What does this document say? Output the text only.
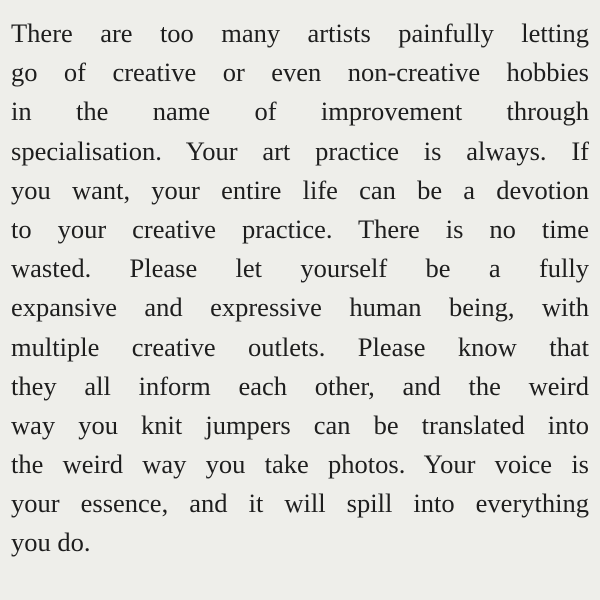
There are too many artists painfully letting
go of creative or even non-creative hobbies
in the name of improvement through
specialisation. Your art practice is always. If
you want, your entire life can be a devotion
to your creative practice. There is no time
wasted. Please let yourself be a fully
expansive and expressive human being, with
multiple creative outlets. Please know that
they all inform each other, and the weird
way you knit jumpers can be translated into
the weird way you take photos. Your voice is
your essence, and it will spill into everything
you do.
